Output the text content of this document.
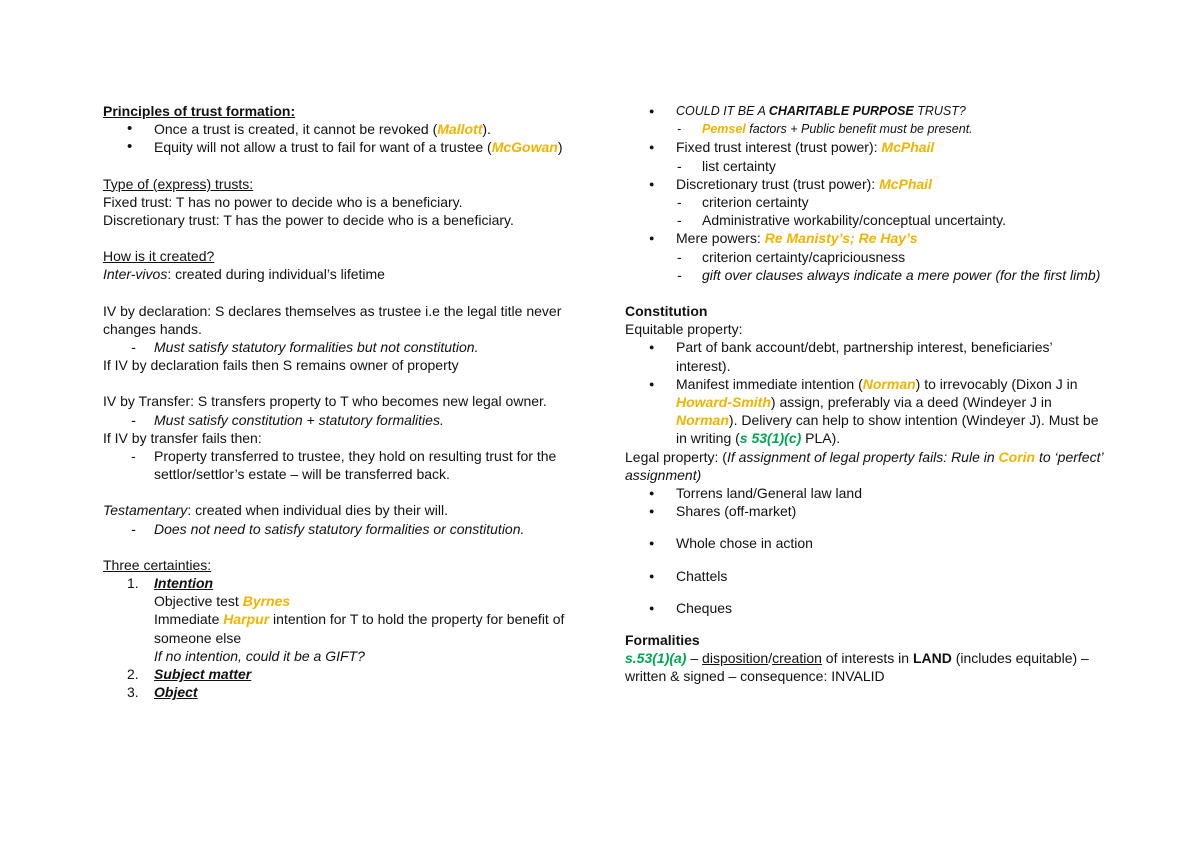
Principles of trust formation:

• Once a trust is created, it cannot be revoked (Mallott).

• Equity will not allow a trust to fail for want of a trustee (McGowan)

Type of (express) trusts:

Fixed trust: T has no power to decide who is a beneficiary.

Discretionary trust: T has the power to decide who is a beneficiary.

How is it created?

Inter-vivos: created during individual’s lifetime

IV by declaration: S declares themselves as trustee i.e the legal title never changes hands.

- Must satisfy statutory formalities but not constitution.

If IV by declaration fails then S remains owner of property

IV by Transfer: S transfers property to T who becomes new legal owner.

- Must satisfy constitution + statutory formalities.

If IV by transfer fails then:

- Property transferred to trustee, they hold on resulting trust for the settlor/settlor’s estate – will be transferred back.

Testamentary: created when individual dies by their will.

- Does not need to satisfy statutory formalities or constitution.

Three certainties:

1. Intention

Objective test Byrnes

Immediate Harpur intention for T to hold the property for benefit of someone else

If no intention, could it be a GIFT?

2. Subject matter

3. Object

● COULD IT BE A CHARITABLE PURPOSE TRUST?

- Pemsel factors + Public benefit must be present.

● Fixed trust interest (trust power): McPhail

- list certainty

● Discretionary trust (trust power): McPhail

- criterion certainty

- Administrative workability/conceptual uncertainty.

● Mere powers: Re Manisty’s; Re Hay’s

- criterion certainty/capriciousness

- gift over clauses always indicate a mere power (for the first limb)

Constitution

Equitable property:

● Part of bank account/debt, partnership interest, beneficiaries’ interest).

● Manifest immediate intention (Norman) to irrevocably (Dixon J in Howard-Smith) assign, preferably via a deed (Windeyer J in Norman). Delivery can help to show intention (Windeyer J). Must be in writing (s 53(1)(c) PLA).

Legal property: (If assignment of legal property fails: Rule in Corin to ‘perfect’ assignment)

● Torrens land/General law land

● Shares (off-market)

● Whole chose in action

● Chattels

● Cheques

Formalities

s.53(1)(a) – disposition/creation of interests in LAND (includes equitable) – written & signed – consequence: INVALID
